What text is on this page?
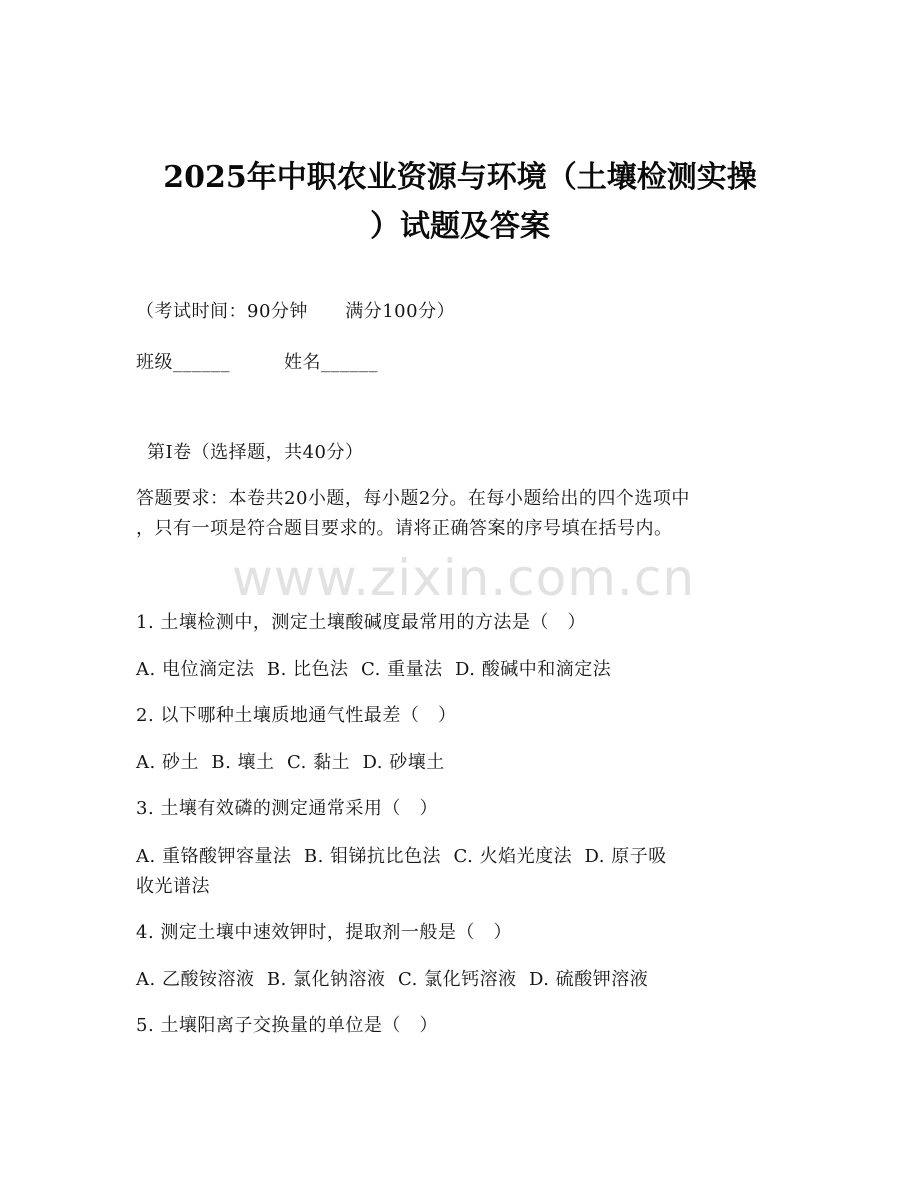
www.zixin.com.cn
2025年中职农业资源与环境（土壤检测实操
）试题及答案
（考试时间：90分钟      满分100分）
班级______	姓名______
第I卷（选择题，共40分）
答题要求：本卷共20小题，每小题2分。在每小题给出的四个选项中
，只有一项是符合题目要求的。请将正确答案的序号填在括号内。
1. 土壤检测中，测定土壤酸碱度最常用的方法是（   ）
A. 电位滴定法  B. 比色法  C. 重量法  D. 酸碱中和滴定法
2. 以下哪种土壤质地通气性最差（   ）
A. 砂土  B. 壤土  C. 黏土  D. 砂壤土
3. 土壤有效磷的测定通常采用（   ）
A. 重铬酸钾容量法  B. 钼锑抗比色法  C. 火焰光度法  D. 原子吸
收光谱法
4. 测定土壤中速效钾时，提取剂一般是（   ）
A. 乙酸铵溶液  B. 氯化钠溶液  C. 氯化钙溶液  D. 硫酸钾溶液
5. 土壤阳离子交换量的单位是（   ）
